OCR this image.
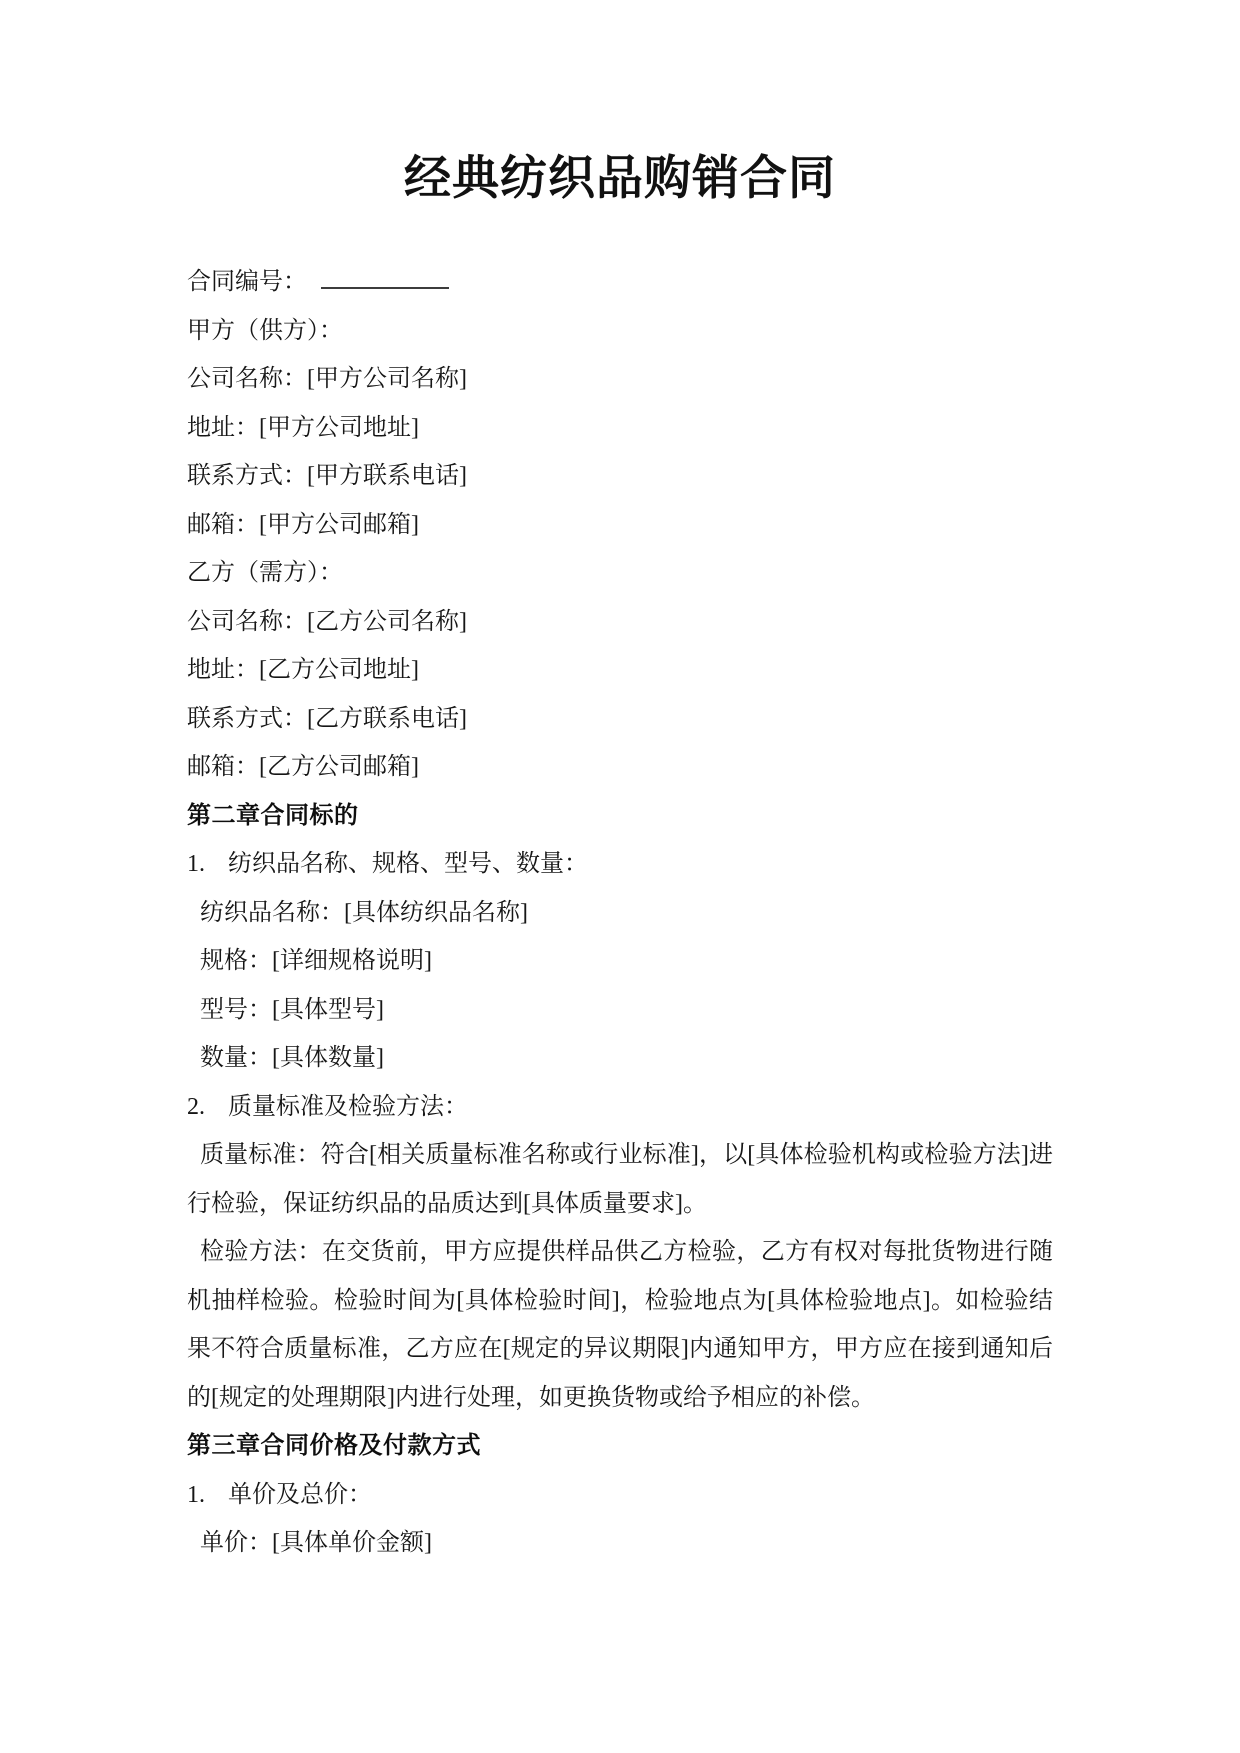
经典纺织品购销合同
合同编号：
甲方（供方）：
公司名称：[甲方公司名称]
地址：[甲方公司地址]
联系方式：[甲方联系电话]
邮箱：[甲方公司邮箱]
乙方（需方）：
公司名称：[乙方公司名称]
地址：[乙方公司地址]
联系方式：[乙方联系电话]
邮箱：[乙方公司邮箱]
第二章合同标的
1. 纺织品名称、规格、型号、数量：
纺织品名称：[具体纺织品名称]
规格：[详细规格说明]
型号：[具体型号]
数量：[具体数量]
2. 质量标准及检验方法：

质量标准：符合[相关质量标准名称或行业标准]，以[具体检验机构或检验方法]进行检验，保证纺织品的品质达到[具体质量要求]。

检验方法：在交货前，甲方应提供样品供乙方检验，乙方有权对每批货物进行随机抽样检验。检验时间为[具体检验时间]，检验地点为[具体检验地点]。如检验结果不符合质量标准，乙方应在[规定的异议期限]内通知甲方，甲方应在接到通知后的[规定的处理期限]内进行处理，如更换货物或给予相应的补偿。

第三章合同价格及付款方式
1. 单价及总价：
单价：[具体单价金额]
